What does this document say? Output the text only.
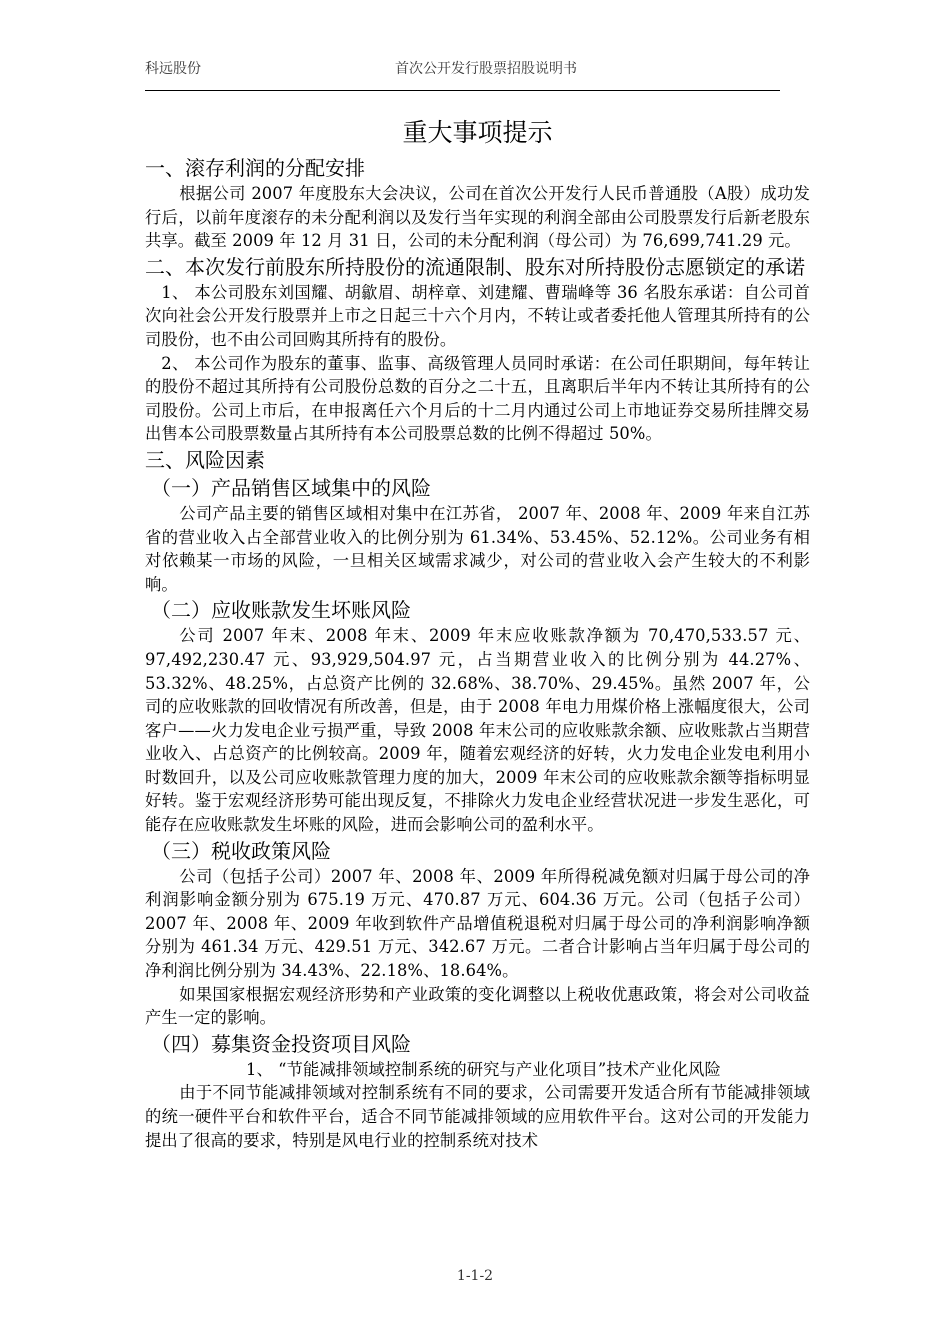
科远股份	首次公开发行股票招股说明书
重大事项提示
一、滚存利润的分配安排

根据公司 2007 年度股东大会决议，公司在首次公开发行人民币普通股（A股）成功发行后，以前年度滚存的未分配利润以及发行当年实现的利润全部由公司股票发行后新老股东共享。截至 2009 年 12 月 31 日，公司的未分配利润（母公司）为 76,699,741.29 元。

二、本次发行前股东所持股份的流通限制、股东对所持股份志愿锁定的承诺

1、 本公司股东刘国耀、胡歙眉、胡梓章、刘建耀、曹瑞峰等 36 名股东承诺：自公司首次向社会公开发行股票并上市之日起三十六个月内，不转让或者委托他人管理其所持有的公司股份，也不由公司回购其所持有的股份。

2、 本公司作为股东的董事、监事、高级管理人员同时承诺：在公司任职期间，每年转让的股份不超过其所持有公司股份总数的百分之二十五，且离职后半年内不转让其所持有的公司股份。公司上市后，在申报离任六个月后的十二月内通过公司上市地证券交易所挂牌交易出售本公司股票数量占其所持有本公司股票总数的比例不得超过 50%。

三、风险因素
（一）产品销售区域集中的风险

公司产品主要的销售区域相对集中在江苏省， 2007 年、2008 年、2009 年来自江苏省的营业收入占全部营业收入的比例分别为 61.34%、53.45%、52.12%。公司业务有相对依赖某一市场的风险，一旦相关区域需求减少，对公司的营业收入会产生较大的不利影响。

（二）应收账款发生坏账风险

公司 2007 年末、2008 年末、2009 年末应收账款净额为 70,470,533.57 元、97,492,230.47 元、93,929,504.97 元，占当期营业收入的比例分别为 44.27%、53.32%、48.25%，占总资产比例的 32.68%、38.70%、29.45%。虽然 2007 年，公司的应收账款的回收情况有所改善，但是，由于 2008 年电力用煤价格上涨幅度很大，公司客户——火力发电企业亏损严重，导致 2008 年末公司的应收账款余额、应收账款占当期营业收入、占总资产的比例较高。2009 年，随着宏观经济的好转，火力发电企业发电利用小时数回升，以及公司应收账款管理力度的加大，2009 年末公司的应收账款余额等指标明显好转。鉴于宏观经济形势可能出现反复，不排除火力发电企业经营状况进一步发生恶化，可能存在应收账款发生坏账的风险，进而会影响公司的盈利水平。

（三）税收政策风险

公司（包括子公司）2007 年、2008 年、2009 年所得税减免额对归属于母公司的净利润影响金额分别为 675.19 万元、470.87 万元、604.36 万元。公司（包括子公司）2007 年、2008 年、2009 年收到软件产品增值税退税对归属于母公司的净利润影响净额分别为 461.34 万元、429.51 万元、342.67 万元。二者合计影响占当年归属于母公司的净利润比例分别为 34.43%、22.18%、18.64%。

如果国家根据宏观经济形势和产业政策的变化调整以上税收优惠政策，将会对公司收益产生一定的影响。

（四）募集资金投资项目风险

1、 “节能减排领域控制系统的研究与产业化项目”技术产业化风险

由于不同节能减排领域对控制系统有不同的要求，公司需要开发适合所有节能减排领域的统一硬件平台和软件平台，适合不同节能减排领域的应用软件平台。这对公司的开发能力提出了很高的要求，特别是风电行业的控制系统对技术

1-1-2
